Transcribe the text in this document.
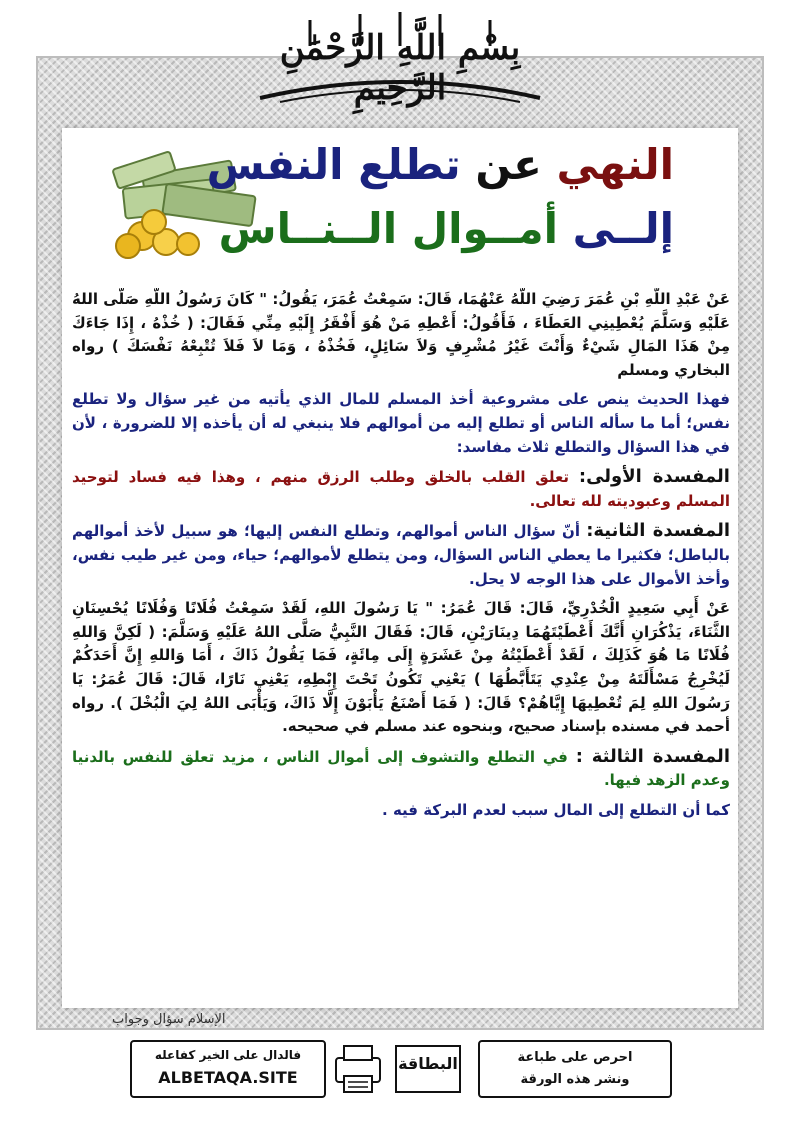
بِسْمِ اللَّهِ الرَّحْمَٰنِ الرَّحِيمِ
النهي عن تطلع النفس
إلــى أمــوال الــنــاس

عَنْ عَبْدِ اللَّهِ بْنِ عُمَرَ رَضِيَ اللَّهُ عَنْهُمَا، قَالَ: سَمِعْتُ عُمَرَ، يَقُولُ: " كَانَ رَسُولُ اللَّهِ صَلَّى اللهُ عَلَيْهِ وَسَلَّمَ يُعْطِينِي العَطَاءَ ، فَأَقُولُ: أَعْطِهِ مَنْ هُوَ أَفْقَرُ إِلَيْهِ مِنِّي فَقَالَ: ( خُذْهُ ، إِذَا جَاءَكَ مِنْ هَذَا المَالِ شَيْءٌ وَأَنْتَ غَيْرُ مُشْرِفٍ وَلاَ سَائِلٍ، فَخُذْهُ ، وَمَا لاَ فَلاَ تُتْبِعْهُ نَفْسَكَ ) رواه البخاري ومسلم

فهذا الحديث ينص على مشروعية أخذ المسلم للمال الذي يأتيه من غير سؤال ولا تطلع نفس؛ أما ما سأله الناس أو تطلع إليه من أموالهم فلا ينبغي له أن يأخذه إلا للضرورة ، لأن في هذا السؤال والتطلع ثلاث مفاسد:

المفسدة الأولى: تعلق القلب بالخلق وطلب الرزق منهم ، وهذا فيه فساد لتوحيد المسلم وعبوديته لله تعالى.

المفسدة الثانية: أنّ سؤال الناس أموالهم، وتطلع النفس إليها؛ هو سبيل لأخذ أموالهم بالباطل؛ فكثيرا ما يعطي الناس السؤال، ومن يتطلع لأموالهم؛ حياء، ومن غير طيب نفس، وأخذ الأموال على هذا الوجه لا يحل.

عَنْ أَبِي سَعِيدٍ الْخُدْرِيِّ، قَالَ: قَالَ عُمَرُ: " يَا رَسُولَ اللهِ، لَقَدْ سَمِعْتُ فُلَانًا وَفُلَانًا يُحْسِنَانِ الثَّنَاءَ، يَذْكُرَانِ أَنَّكَ أَعْطَيْتَهُمَا دِينَارَيْنِ، قَالَ: فَقَالَ النَّبِيُّ صَلَّى اللهُ عَلَيْهِ وَسَلَّمَ: ( لَكِنَّ وَاللهِ فُلَانًا مَا هُوَ كَذَلِكَ ، لَقَدْ أَعْطَيْتُهُ مِنْ عَشَرَةٍ إِلَى مِائَةٍ، فَمَا يَقُولُ ذَاكَ ، أَمَا وَاللهِ إِنَّ أَحَدَكُمْ لَيُخْرِجُ مَسْأَلَتَهُ مِنْ عِنْدِي يَتَأَبَّطُهَا ) يَعْنِي تَكُونُ تَحْتَ إِبْطِهِ، يَعْنِي نَارًا، قَالَ: قَالَ عُمَرُ: يَا رَسُولَ اللهِ لِمَ تُعْطِيهَا إِيَّاهُمْ؟ قَالَ: ( فَمَا أَصْنَعُ يَأْبَوْنَ إِلَّا ذَاكَ، وَيَأْبَى اللهُ لِيَ الْبُخْلَ ). رواه أحمد في مسنده بإسناد صحيح، وبنحوه عند مسلم في صحيحه.

المفسدة الثالثة : في التطلع والتشوف إلى أموال الناس ، مزيد تعلق للنفس بالدنيا وعدم الزهد فيها.

كما أن التطلع إلى المال سبب لعدم البركة فيه .

الإسلام سؤال وجواب
فالدال على الخير كفاعله
ALBETAQA.SITE
البطاقة	احرص على طباعة
ونشر هذه الورقة
